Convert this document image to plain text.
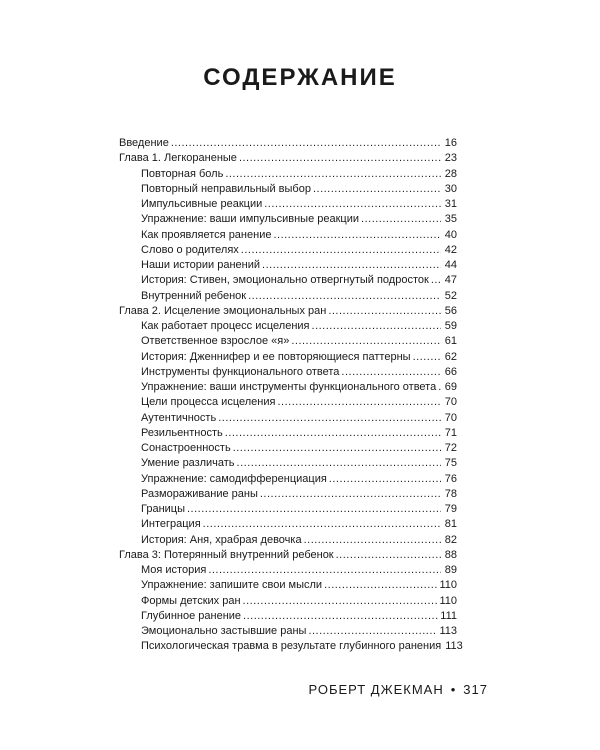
СОДЕРЖАНИЕ
Введение .....	16
Глава 1. Легкораненые .....	23
Повторная боль .....	28
Повторный неправильный выбор .....	30
Импульсивные реакции .....	31
Упражнение: ваши импульсивные реакции .....	35
Как проявляется ранение .....	40
Слово о родителях .....	42
Наши истории ранений .....	44
История: Стивен, эмоционально отвергнутый подросток ..... 47
Внутренний ребенок .....	52
Глава 2. Исцеление эмоциональных ран .....	56
Как работает процесс исцеления .....	59
Ответственное взрослое «я» .....	61
История: Дженнифер и ее повторяющиеся паттерны .....	62
Инструменты функционального ответа .....	66
Упражнение: ваши инструменты функционального ответа ..... 69
Цели процесса исцеления .....	70
Аутентичность .....	70
Резильентность .....	71
Сонастроенность .....	72
Умение различать .....	75
Упражнение: самодифференциация .....	76
Размораживание раны .....	78
Границы .....	79
Интеграция .....	81
История: Аня, храбрая девочка .....	82
Глава 3: Потерянный внутренний ребенок .....	88
Моя история .....	89
Упражнение: запишите свои мысли .....	110
Формы детских ран .....	110
Глубинное ранение .....	111
Эмоционально застывшие раны .....	113
Психологическая травма в результате глубинного ранения 113
РОБЕРТ ДЖЕКМАН • 317
